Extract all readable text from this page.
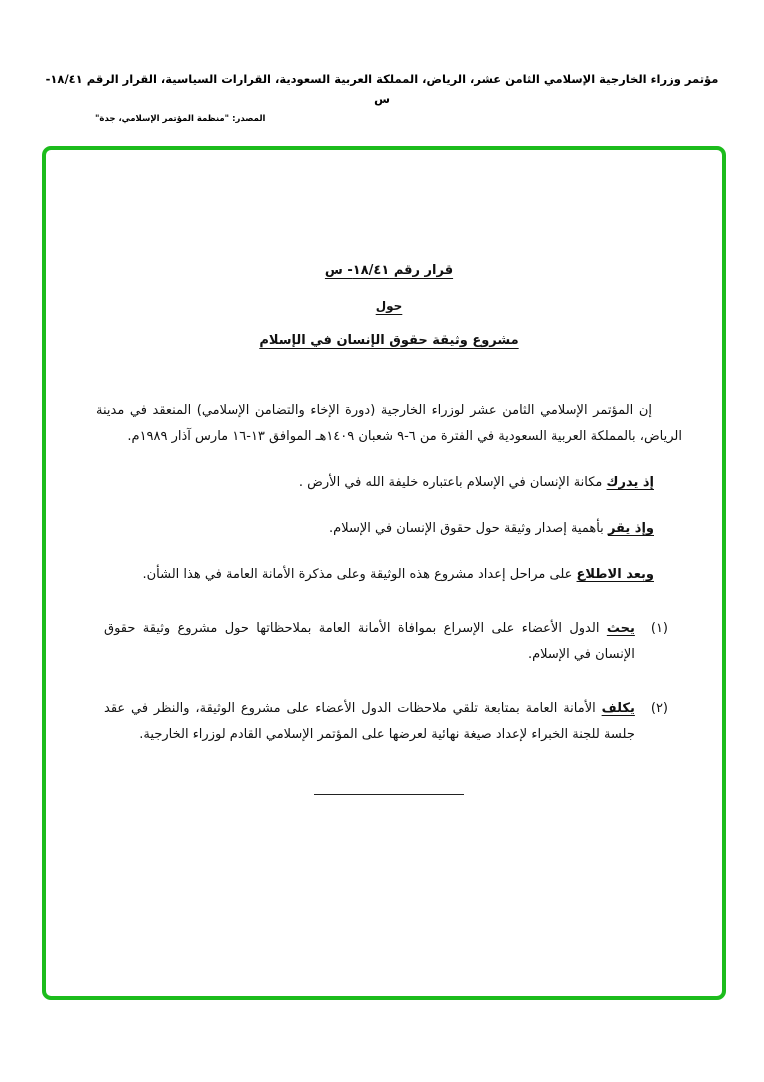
مؤتمر وزراء الخارجية الإسلامي الثامن عشر، الرياض، المملكة العربية السعودية، القرارات السياسية، القرار الرقم ١٨/٤١-س
المصدر: "منظمة المؤتمر الإسلامي، جدة"
قرار رقم ١٨/٤١- س
حول
مشروع وثيقة حقوق الإنسان في الإسلام

إن المؤتمر الإسلامي الثامن عشر لوزراء الخارجية (دورة الإخاء والتضامن الإسلامي) المنعقد في مدينة الرياض، بالمملكة العربية السعودية في الفترة من ٦-٩ شعبان ١٤٠٩هـ الموافق ١٣-١٦ مارس آذار ١٩٨٩م.

إذ يدرك مكانة الإنسان في الإسلام باعتباره خليفة الله في الأرض .

وإذ يقر بأهمية إصدار وثيقة حول حقوق الإنسان في الإسلام.

وبعد الاطلاع على مراحل إعداد مشروع هذه الوثيقة وعلى مذكرة الأمانة العامة في هذا الشأن.

(١)

يحث الدول الأعضاء على الإسراع بموافاة الأمانة العامة بملاحظاتها حول مشروع وثيقة حقوق الإنسان في الإسلام.

(٢)

يكلف الأمانة العامة بمتابعة تلقي ملاحظات الدول الأعضاء على مشروع الوثيقة، والنظر في عقد جلسة للجنة الخبراء لإعداد صيغة نهائية لعرضها على المؤتمر الإسلامي القادم لوزراء الخارجية.
